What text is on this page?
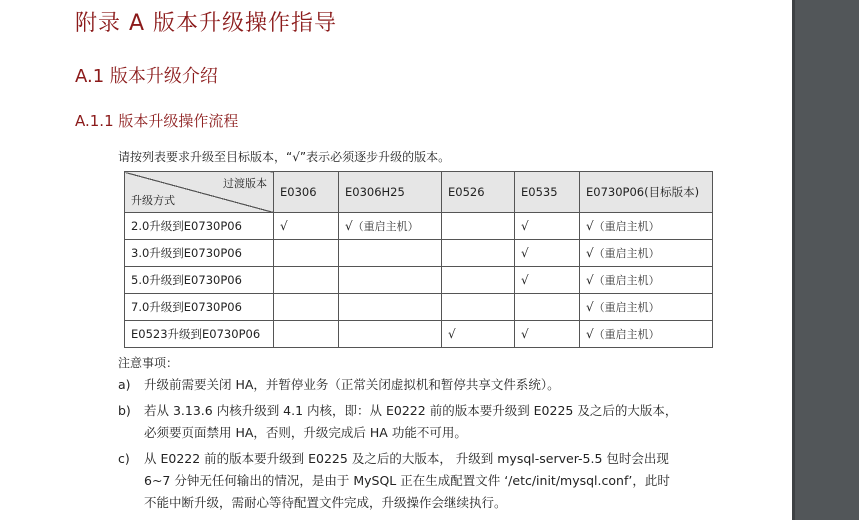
附录 A 版本升级操作指导
A.1 版本升级介绍
A.1.1 版本升级操作流程
请按列表要求升级至目标版本，“√”表示必须逐步升级的版本。
过渡版本
升级方式	E0306	E0306H25	E0526	E0535	E0730P06(目标版本)
2.0升级到E0730P06	√	√（重启主机）		√	√（重启主机）
3.0升级到E0730P06				√	√（重启主机）
5.0升级到E0730P06				√	√（重启主机）
7.0升级到E0730P06					√（重启主机）
E0523升级到E0730P06			√	√	√（重启主机）
注意事项：
a) 升级前需要关闭 HA，并暂停业务（正常关闭虚拟机和暂停共享文件系统）。
b) 若从 3.13.6 内核升级到 4.1 内核，即：从 E0222 前的版本要升级到 E0225 及之后的大版本，
必须要页面禁用 HA，否则，升级完成后 HA 功能不可用。
c) 从 E0222 前的版本要升级到 E0225 及之后的大版本， 升级到 mysql-server-5.5 包时会出现
6~7 分钟无任何输出的情况，是由于 MySQL 正在生成配置文件 ‘/etc/init/mysql.conf’，此时
不能中断升级，需耐心等待配置文件完成，升级操作会继续执行。
